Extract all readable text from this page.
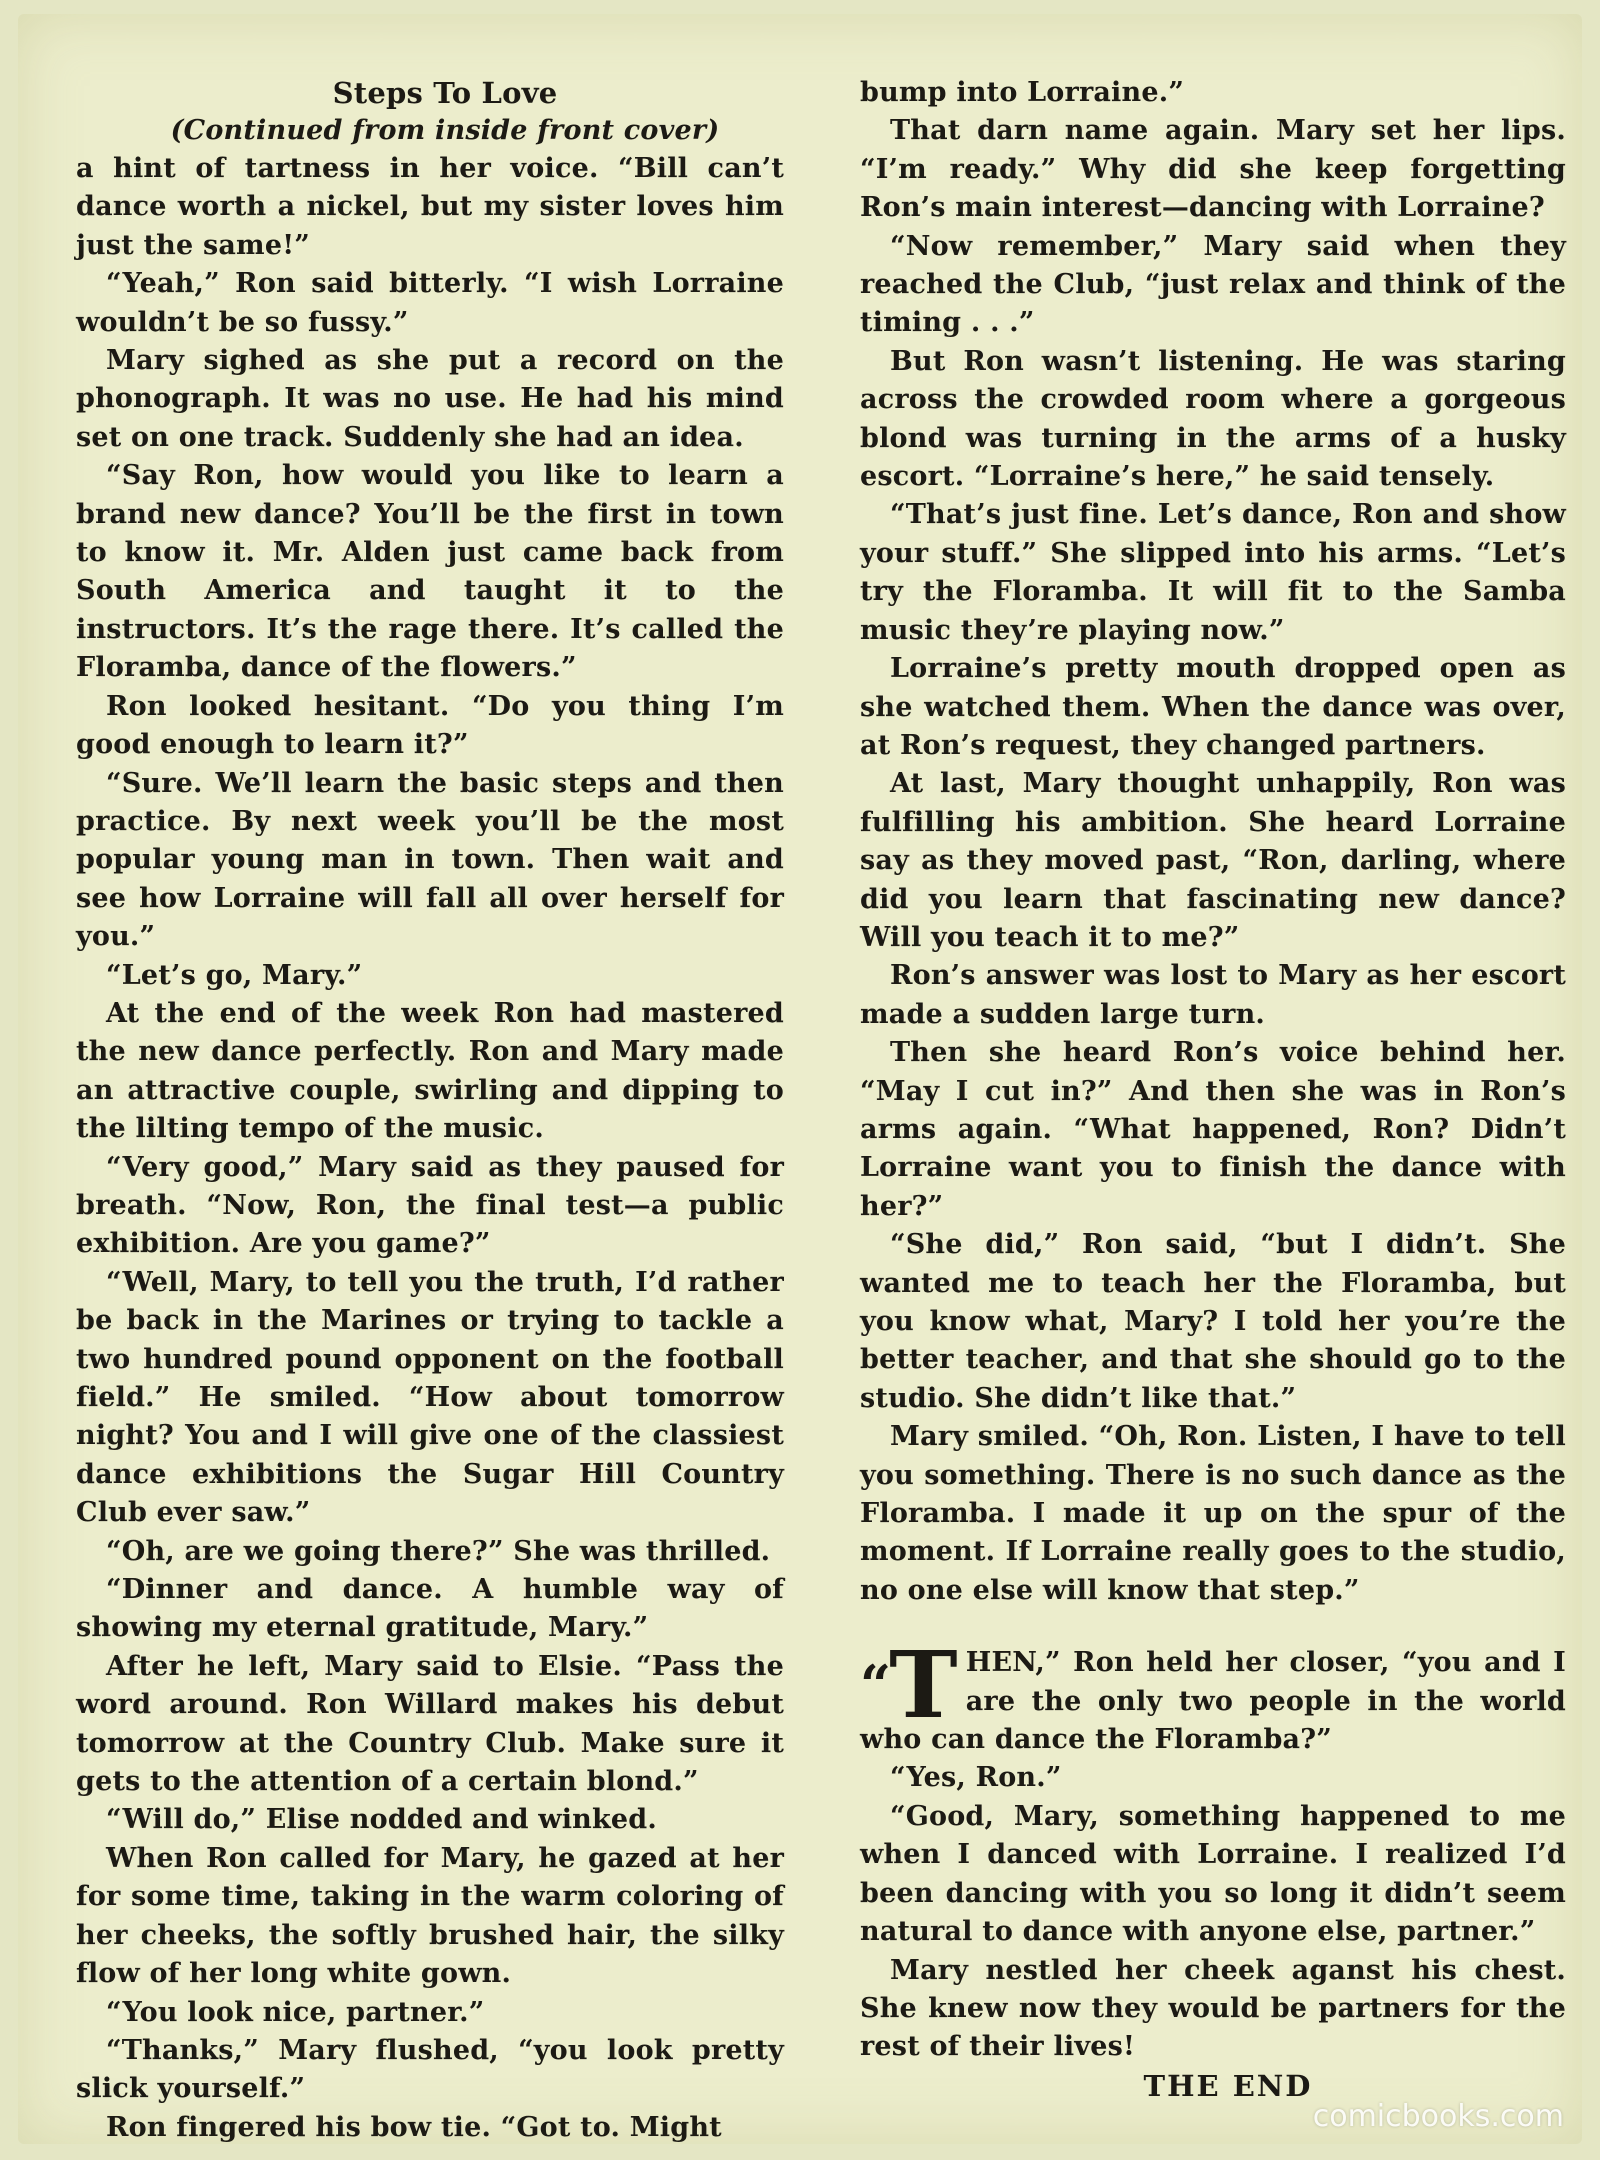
Steps To Love

(Continued from inside front cover)

a hint of tartness in her voice. “Bill can’t dance worth a nickel, but my sister loves him just the same!”

“Yeah,” Ron said bitterly. “I wish Lorraine wouldn’t be so fussy.”

Mary sighed as she put a record on the phonograph. It was no use. He had his mind set on one track. Suddenly she had an idea.

“Say Ron, how would you like to learn a brand new dance? You’ll be the first in town to know it. Mr. Alden just came back from South America and taught it to the instructors. It’s the rage there. It’s called the Floramba, dance of the flowers.”

Ron looked hesitant. “Do you thing I’m good enough to learn it?”

“Sure. We’ll learn the basic steps and then practice. By next week you’ll be the most popular young man in town. Then wait and see how Lorraine will fall all over herself for you.”

“Let’s go, Mary.”

At the end of the week Ron had mastered the new dance perfectly. Ron and Mary made an attractive couple, swirling and dipping to the lilting tempo of the music.

“Very good,” Mary said as they paused for breath. “Now, Ron, the final test—a public exhibition. Are you game?”

“Well, Mary, to tell you the truth, I’d rather be back in the Marines or trying to tackle a two hundred pound opponent on the football field.” He smiled. “How about tomorrow night? You and I will give one of the classiest dance exhibitions the Sugar Hill Country Club ever saw.”

“Oh, are we going there?” She was thrilled.

“Dinner and dance. A humble way of showing my eternal gratitude, Mary.”

After he left, Mary said to Elsie. “Pass the word around. Ron Willard makes his debut tomorrow at the Country Club. Make sure it gets to the attention of a certain blond.”

“Will do,” Elise nodded and winked.

When Ron called for Mary, he gazed at her for some time, taking in the warm coloring of her cheeks, the softly brushed hair, the silky flow of her long white gown.

“You look nice, partner.”

“Thanks,” Mary flushed, “you look pretty slick yourself.”

Ron fingered his bow tie. “Got to. Might

bump into Lorraine.”

That darn name again. Mary set her lips. “I’m ready.” Why did she keep forgetting Ron’s main interest—dancing with Lorraine?

“Now remember,” Mary said when they reached the Club, “just relax and think of the timing . . .”

But Ron wasn’t listening. He was staring across the crowded room where a gorgeous blond was turning in the arms of a husky escort. “Lorraine’s here,” he said tensely.

“That’s just fine. Let’s dance, Ron and show your stuff.” She slipped into his arms. “Let’s try the Floramba. It will fit to the Samba music they’re playing now.”

Lorraine’s pretty mouth dropped open as she watched them. When the dance was over, at Ron’s request, they changed partners.

At last, Mary thought unhappily, Ron was fulfilling his ambition. She heard Lorraine say as they moved past, “Ron, darling, where did you learn that fascinating new dance? Will you teach it to me?”

Ron’s answer was lost to Mary as her escort made a sudden large turn.

Then she heard Ron’s voice behind her. “May I cut in?” And then she was in Ron’s arms again. “What happened, Ron? Didn’t Lorraine want you to finish the dance with her?”

“She did,” Ron said, “but I didn’t. She wanted me to teach her the Floramba, but you know what, Mary? I told her you’re the better teacher, and that she should go to the studio. She didn’t like that.”

Mary smiled. “Oh, Ron. Listen, I have to tell you something. There is no such dance as the Floramba. I made it up on the spur of the moment. If Lorraine really goes to the studio, no one else will know that step.”

“T HEN,” Ron held her closer, “you and I are the only two people in the world who can dance the Floramba?”

“Yes, Ron.”

“Good, Mary, something happened to me when I danced with Lorraine. I realized I’d been dancing with you so long it didn’t seem natural to dance with anyone else, partner.”

Mary nestled her cheek aganst his chest. She knew now they would be partners for the rest of their lives!

THE END

comicbooks.com
